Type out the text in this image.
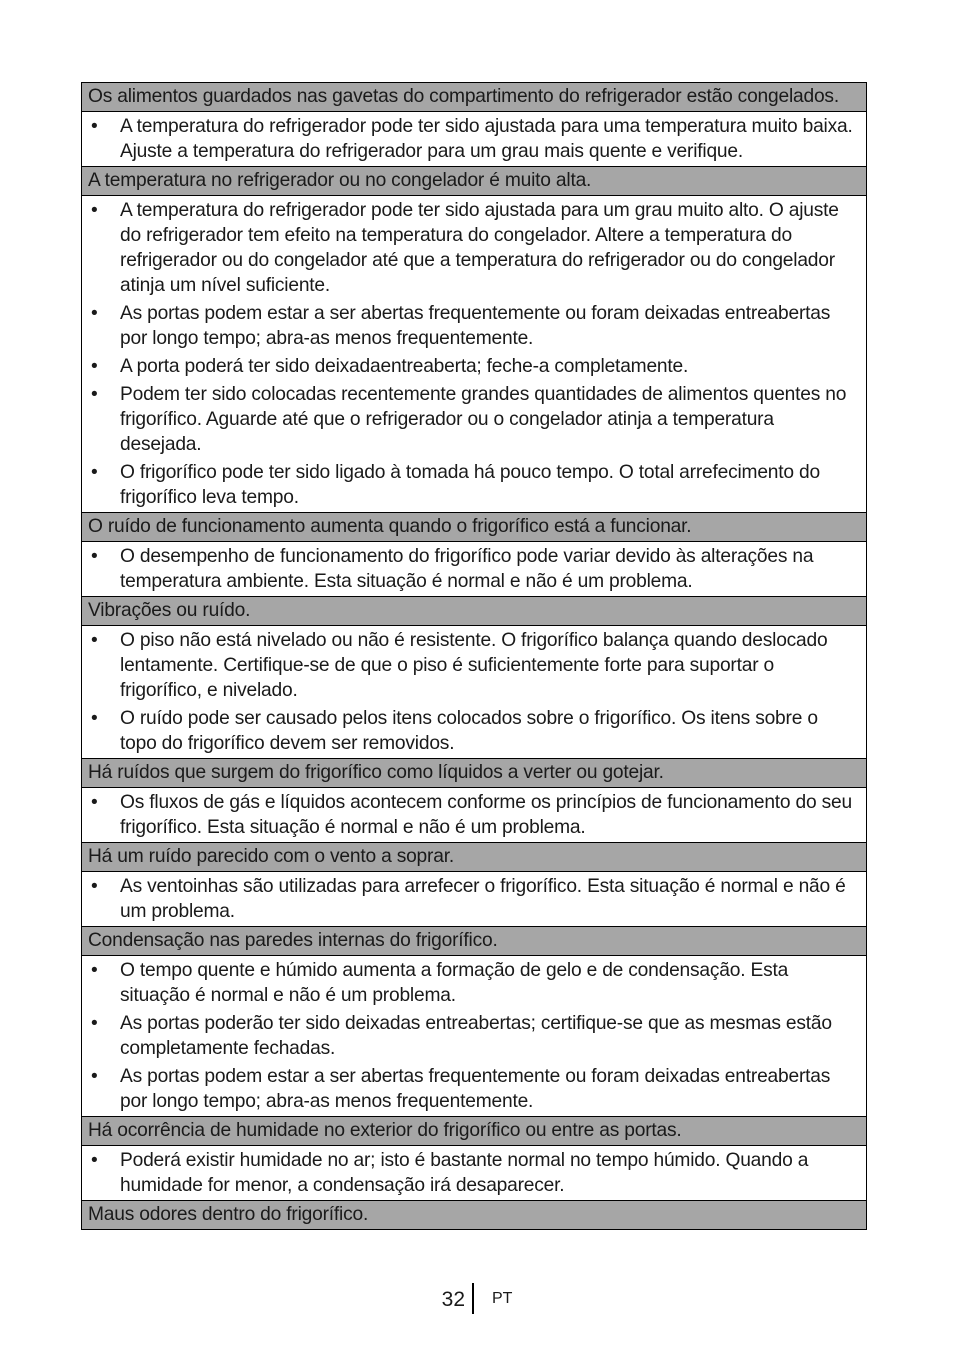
Os alimentos guardados nas gavetas do compartimento do refrigerador estão congelados.
• A temperatura do refrigerador pode ter sido ajustada para uma temperatura muito baixa. Ajuste a temperatura do refrigerador para um grau mais quente e verifique.
A temperatura no refrigerador ou no congelador é muito alta.
• A temperatura do refrigerador pode ter sido ajustada para um grau muito alto. O ajuste do refrigerador tem efeito na temperatura do congelador. Altere a temperatura do refrigerador ou do congelador até que a temperatura do refrigerador ou do congelador atinja um nível suficiente.
• As portas podem estar a ser abertas frequentemente ou foram deixadas entreabertas por longo tempo; abra-as menos frequentemente.
• A porta poderá ter sido deixadaentreaberta; feche-a completamente.
• Podem ter sido colocadas recentemente grandes quantidades de alimentos quentes no frigorífico. Aguarde até que o refrigerador ou o congelador atinja a temperatura desejada.
• O frigorífico pode ter sido ligado à tomada há pouco tempo. O total arrefecimento do frigorífico leva tempo.
O ruído de funcionamento aumenta quando o frigorífico está a funcionar.
• O desempenho de funcionamento do frigorífico pode variar devido às alterações na temperatura ambiente. Esta situação é normal e não é um problema.
Vibrações ou ruído.
• O piso não está nivelado ou não é resistente. O frigorífico balança quando deslocado lentamente. Certifique-se de que o piso é suficientemente forte para suportar o frigorífico, e nivelado.
• O ruído pode ser causado pelos itens colocados sobre o frigorífico. Os itens sobre o topo do frigorífico devem ser removidos.
Há ruídos que surgem do frigorífico como líquidos a verter ou gotejar.
• Os fluxos de gás e líquidos acontecem conforme os princípios de funcionamento do seu frigorífico. Esta situação é normal e não é um problema.
Há um ruído parecido com o vento a soprar.
• As ventoinhas são utilizadas para arrefecer o frigorífico. Esta situação é normal e não é um problema.
Condensação nas paredes internas do frigorífico.
• O tempo quente e húmido aumenta a formação de gelo e de condensação. Esta situação é normal e não é um problema.
• As portas poderão ter sido deixadas entreabertas; certifique-se que as mesmas estão completamente fechadas.
• As portas podem estar a ser abertas frequentemente ou foram deixadas entreabertas por longo tempo; abra-as menos frequentemente.
Há ocorrência de humidade no exterior do frigorífico ou entre as portas.
• Poderá existir humidade no ar; isto é bastante normal no tempo húmido. Quando a humidade for menor, a condensação irá desaparecer.
Maus odores dentro do frigorífico.
32 PT
